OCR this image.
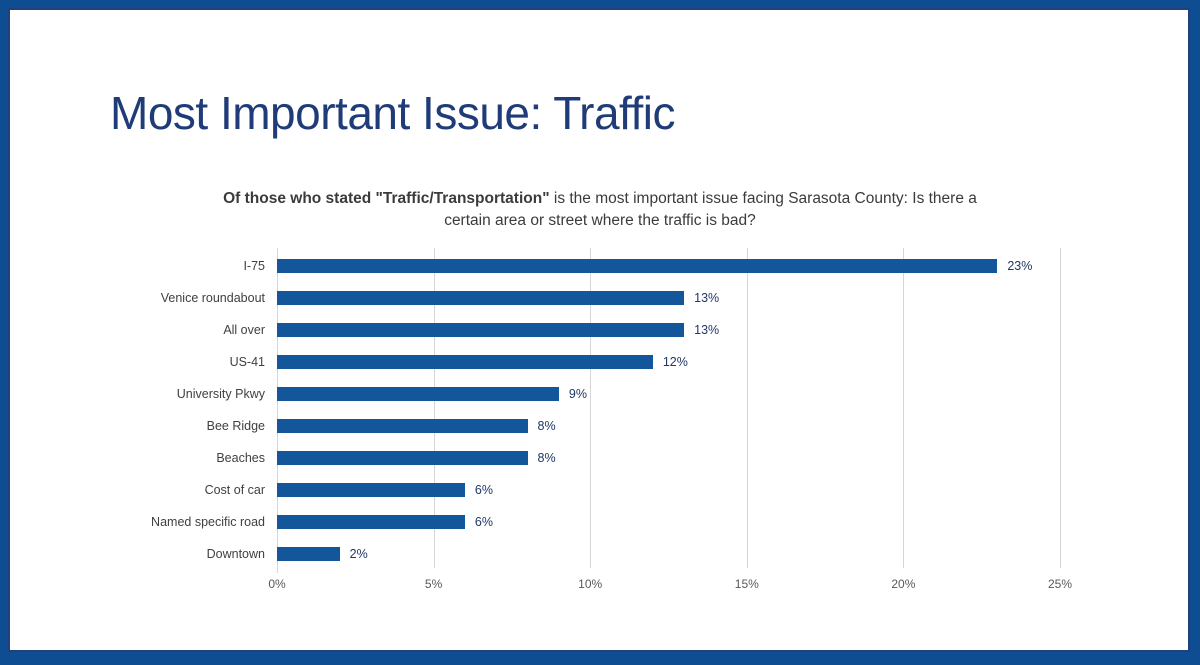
Most Important Issue: Traffic

Of those who stated "Traffic/Transportation" is the most important issue facing Sarasota County: Is there a certain area or street where the traffic is bad?

I-75
Venice roundabout
All over
US-41
University Pkwy
Bee Ridge
Beaches
Cost of car
Named specific road
Downtown
23%
13%
13%
12%
9%
8%
8%
6%
6%
2%
0%	5%	10%	15%	20%	25%
